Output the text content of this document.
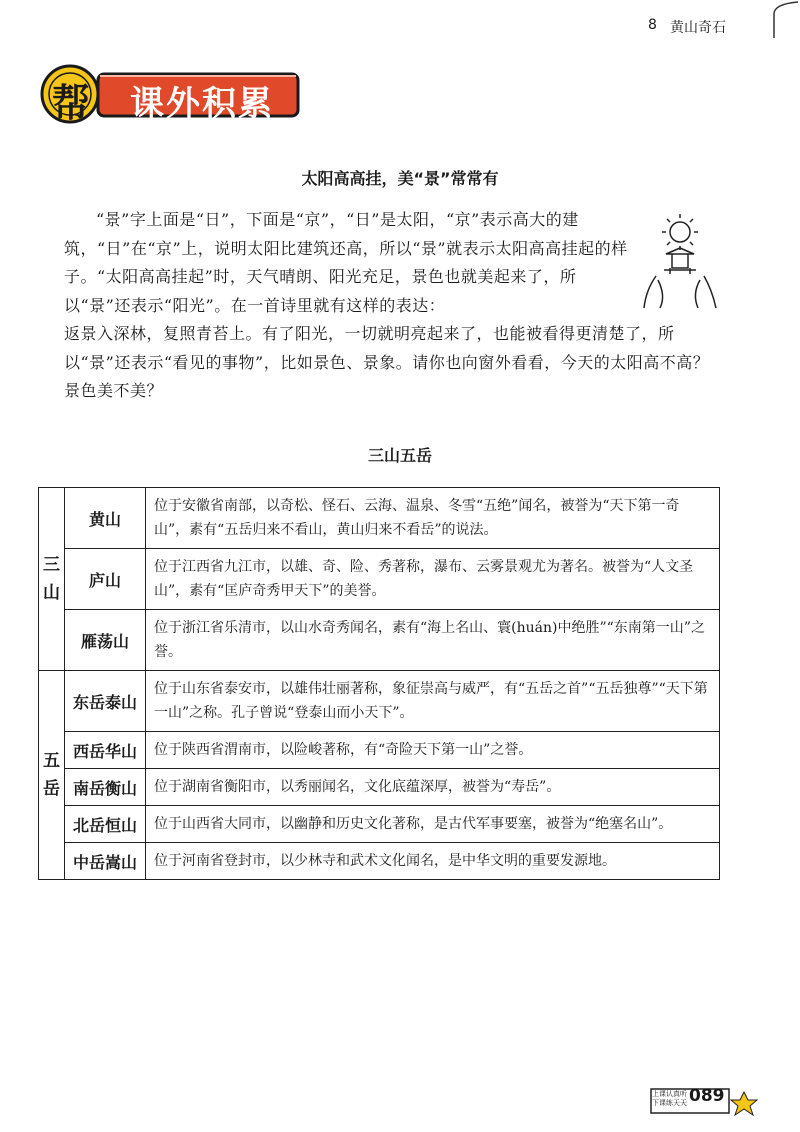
8 黄山奇石
帮 课外积累
太阳高高挂，美“景”常常有

“景”字上面是“日”，下面是“京”，“日”是太阳，“京”表示高大的建筑，“日”在“京”上，说明太阳比建筑还高，所以“景”就表示太阳高高挂起的样子。“太阳高高挂起”时，天气晴朗、阳光充足，景色也就美起来了，所以“景”还表示“阳光”。在一首诗里就有这样的表达：

返景入深林，复照青苔上。有了阳光，一切就明亮起来了，也能被看得更清楚了，所以“景”还表示“看见的事物”，比如景色、景象。请你也向窗外看看，今天的太阳高不高？景色美不美？

三山五岳
三山	黄山	位于安徽省南部，以奇松、怪石、云海、温泉、冬雪“五绝”闻名，被誉为“天下第一奇山”，素有“五岳归来不看山，黄山归来不看岳”的说法。
	庐山	位于江西省九江市，以雄、奇、险、秀著称，瀑布、云雾景观尤为著名。被誉为“人文圣山”，素有“匡庐奇秀甲天下”的美誉。
	雁荡山	位于浙江省乐清市，以山水奇秀闻名，素有“海上名山、寰(huán)中绝胜”“东南第一山”之誉。
五岳	东岳泰山	位于山东省泰安市，以雄伟壮丽著称，象征崇高与威严，有“五岳之首”“五岳独尊”“天下第一山”之称。孔子曾说“登泰山而小天下”。
	西岳华山	位于陕西省渭南市，以险峻著称，有“奇险天下第一山”之誉。
	南岳衡山	位于湖南省衡阳市，以秀丽闻名，文化底蕴深厚，被誉为“寿岳”。
	北岳恒山	位于山西省大同市，以幽静和历史文化著称，是古代军事要塞，被誉为“绝塞名山”。
	中岳嵩山	位于河南省登封市，以少林寺和武术文化闻名，是中华文明的重要发源地。
上课认真听
下课练天天 089
